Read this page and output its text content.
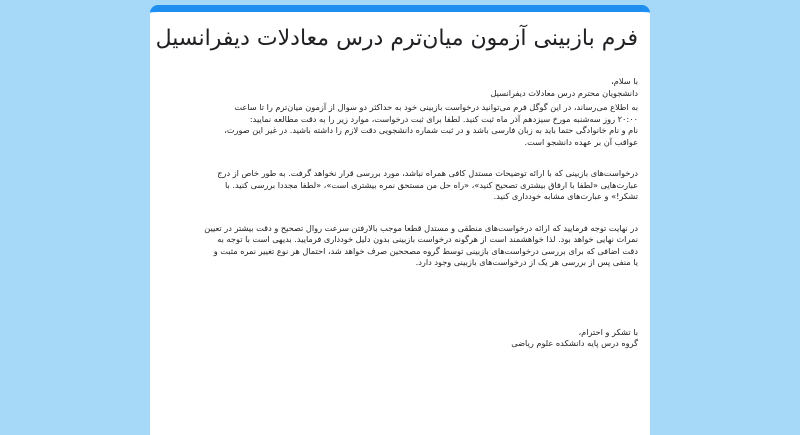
فرم بازبینی آزمون میان‌ترم درس معادلات دیفرانسیل

با سلام،

دانشجویان محترم درس معادلات دیفرانسیل

به اطلاع می‌رساند، در این گوگل فرم می‌توانید درخواست بازبینی خود به حداکثر دو سوال از آزمون میان‌ترم را تا ساعت

۲۰:۰۰ روز سه‌شنبه مورخ سیزدهم آذر ماه ثبت کنید. لطفا برای ثبت درخواست، موارد زیر را به دقت مطالعه نمایید:

نام و نام خانوادگی حتما باید به زبان فارسی باشد و در ثبت شماره دانشجویی دقت لازم را داشته باشید. در غیر این صورت،

عواقب آن بر عهده دانشجو است.

درخواست‌های بازبینی که با ارائه توضیحات مستدل کافی همراه نباشد، مورد بررسی قرار نخواهد گرفت. به طور خاص از درج

عبارت‌هایی «لطفا با ارفاق بیشتری تصحیح کنید»، «راه حل من مستحق نمره بیشتری است»، «لطفا مجددا بررسی کنید. با

تشکر!» و عبارت‌های مشابه خودداری کنید.

در نهایت توجه فرمایید که ارائه درخواست‌های منطقی و مستدل قطعا موجب بالارفتن سرعت روال تصحیح و دقت بیشتر در تعیین

نمرات نهایی خواهد بود. لذا خواهشمند است از هرگونه درخواست بازبینی بدون دلیل خودداری فرمایید. بدیهی است با توجه به

دقت اضافی که برای بررسی درخواست‌های بازبینی توسط گروه مصححین صرف خواهد شد، احتمال هر نوع تغییر نمره مثبت و

یا منفی پس از بررسی هر یک از درخواست‌های بازبینی وجود دارد.

با تشکر و احترام،

گروه درس پایه دانشکده علوم ریاضی
